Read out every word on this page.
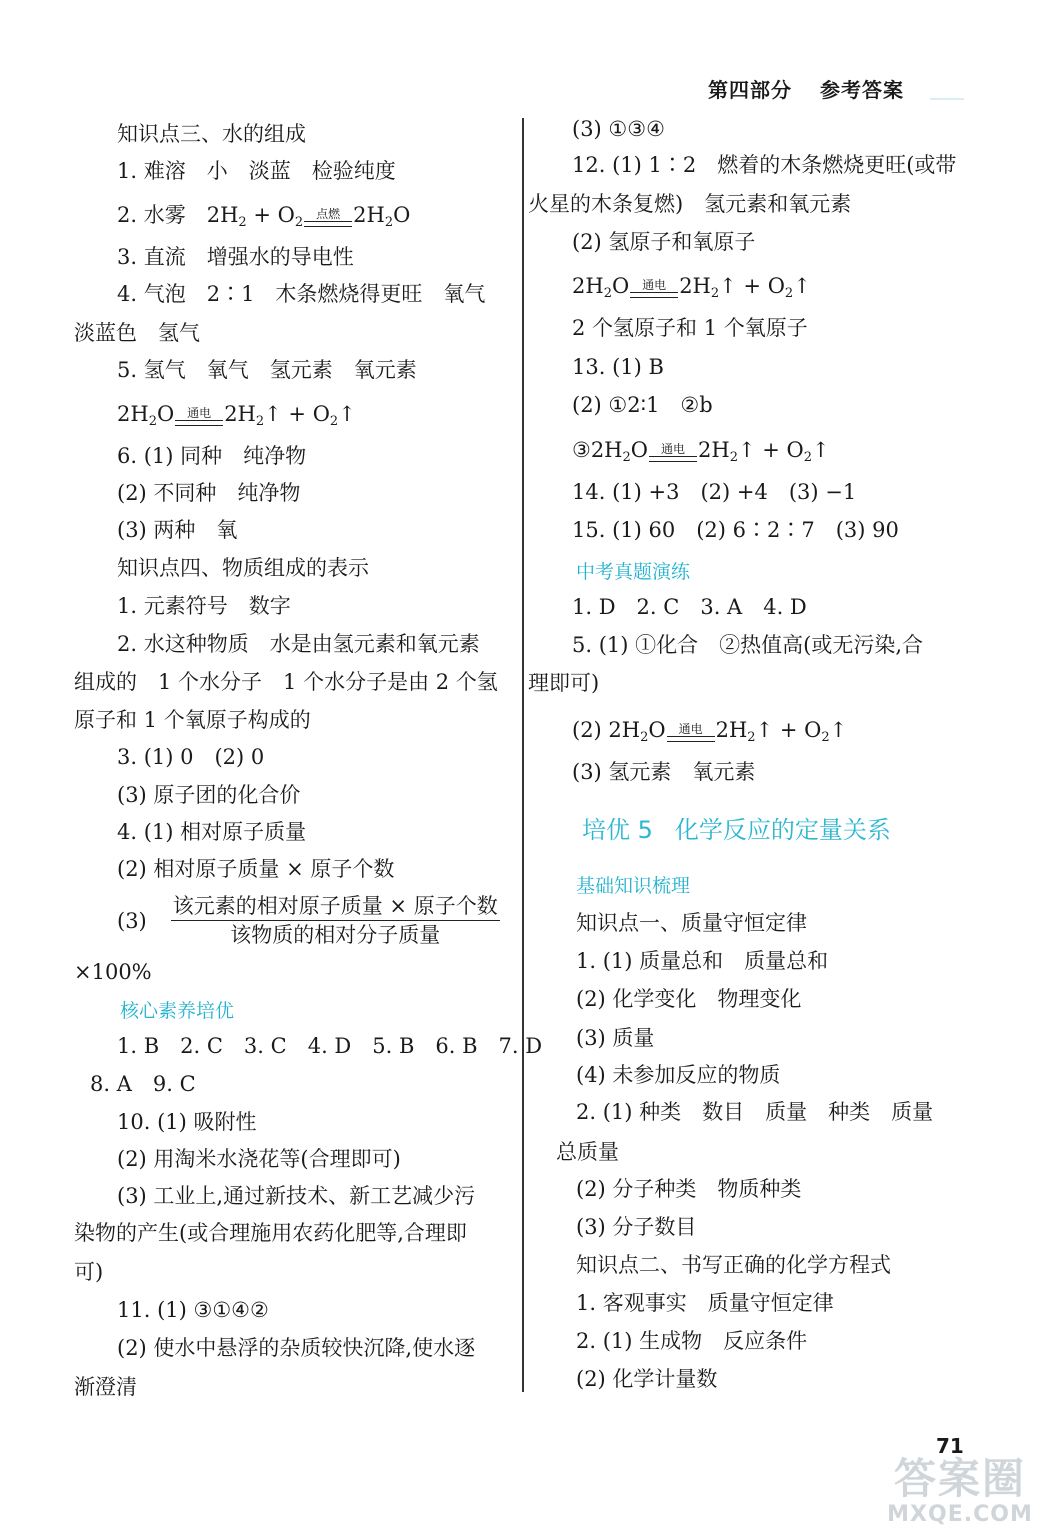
第四部分 参考答案
知识点三、水的组成
1. 难溶　小　淡蓝　检验纯度
2. 水雾　$2H_2 + O_2$
点燃 $2H_2O$
3. 直流　增强水的导电性
4. 气泡　2∶1　木条燃烧得更旺　氧气
淡蓝色　氢气
5. 氢气　氧气　氢元素　氧元素
$2H_2O$ 通电 $2H_2↑$ + $O_2↑$
6. (1) 同种　纯净物
(2) 不同种　纯净物
(3) 两种　氧
知识点四、物质组成的表示
1. 元素符号　数字
2. 水这种物质　水是由氢元素和氧元素
组成的　1 个水分子　1 个水分子是由 2 个氢
原子和 1 个氧原子构成的
3. (1) 0　(2) 0
(3) 原子团的化合价
4. (1) 相对原子质量
(2) 相对原子质量 × 原子个数
$(3) \frac{\text{该元素的相对原子质量 × 原子个数}}{\text{该物质的相对分子质量}}$
×100%
核心素养培优
1. B　2. C　3. C　4. D　5. B　6. B　7. D
8. A　9. C
10. (1) 吸附性
(2) 用淘米水浇花等(合理即可)
(3) 工业上,通过新技术、新工艺减少污
染物的产生(或合理施用农药化肥等,合理即
可)
11. (1) ③①④②
(2) 使水中悬浮的杂质较快沉降,使水逐
渐澄清
(3) ①③④
12. (1) 1∶2　燃着的木条燃烧更旺(或带
火星的木条复燃)　氢元素和氧元素
(2) 氢原子和氧原子
$2H_2O$ 通电 $2H_2↑$ + $O_2↑$
2 个氢原子和 1 个氧原子
13. (1) B
(2) ①2∶1　②b
$③2H_2O$ 通电 $2H_2↑$ + $O_2↑$
14. (1) +3　(2) +4　(3) −1
15. (1) 60　(2) 6∶2∶7　(3) 90
中考真题演练
1. D　2. C　3. A　4. D
5. (1) ①化合　②热值高(或无污染,合
理即可)
(2) $2H_2O$ 通电 $2H_2↑$ + $O_2↑$
(3) 氢元素　氧元素
培优 5 化学反应的定量关系
基础知识梳理
知识点一、质量守恒定律
1. (1) 质量总和　质量总和
(2) 化学变化　物理变化
(3) 质量
(4) 未参加反应的物质
2. (1) 种类　数目　质量　种类　质量
总质量
(2) 分子种类　物质种类
(3) 分子数目
知识点二、书写正确的化学方程式
1. 客观事实　质量守恒定律
2. (1) 生成物　反应条件
(2) 化学计量数
71
答案圈
MXQE.COM
